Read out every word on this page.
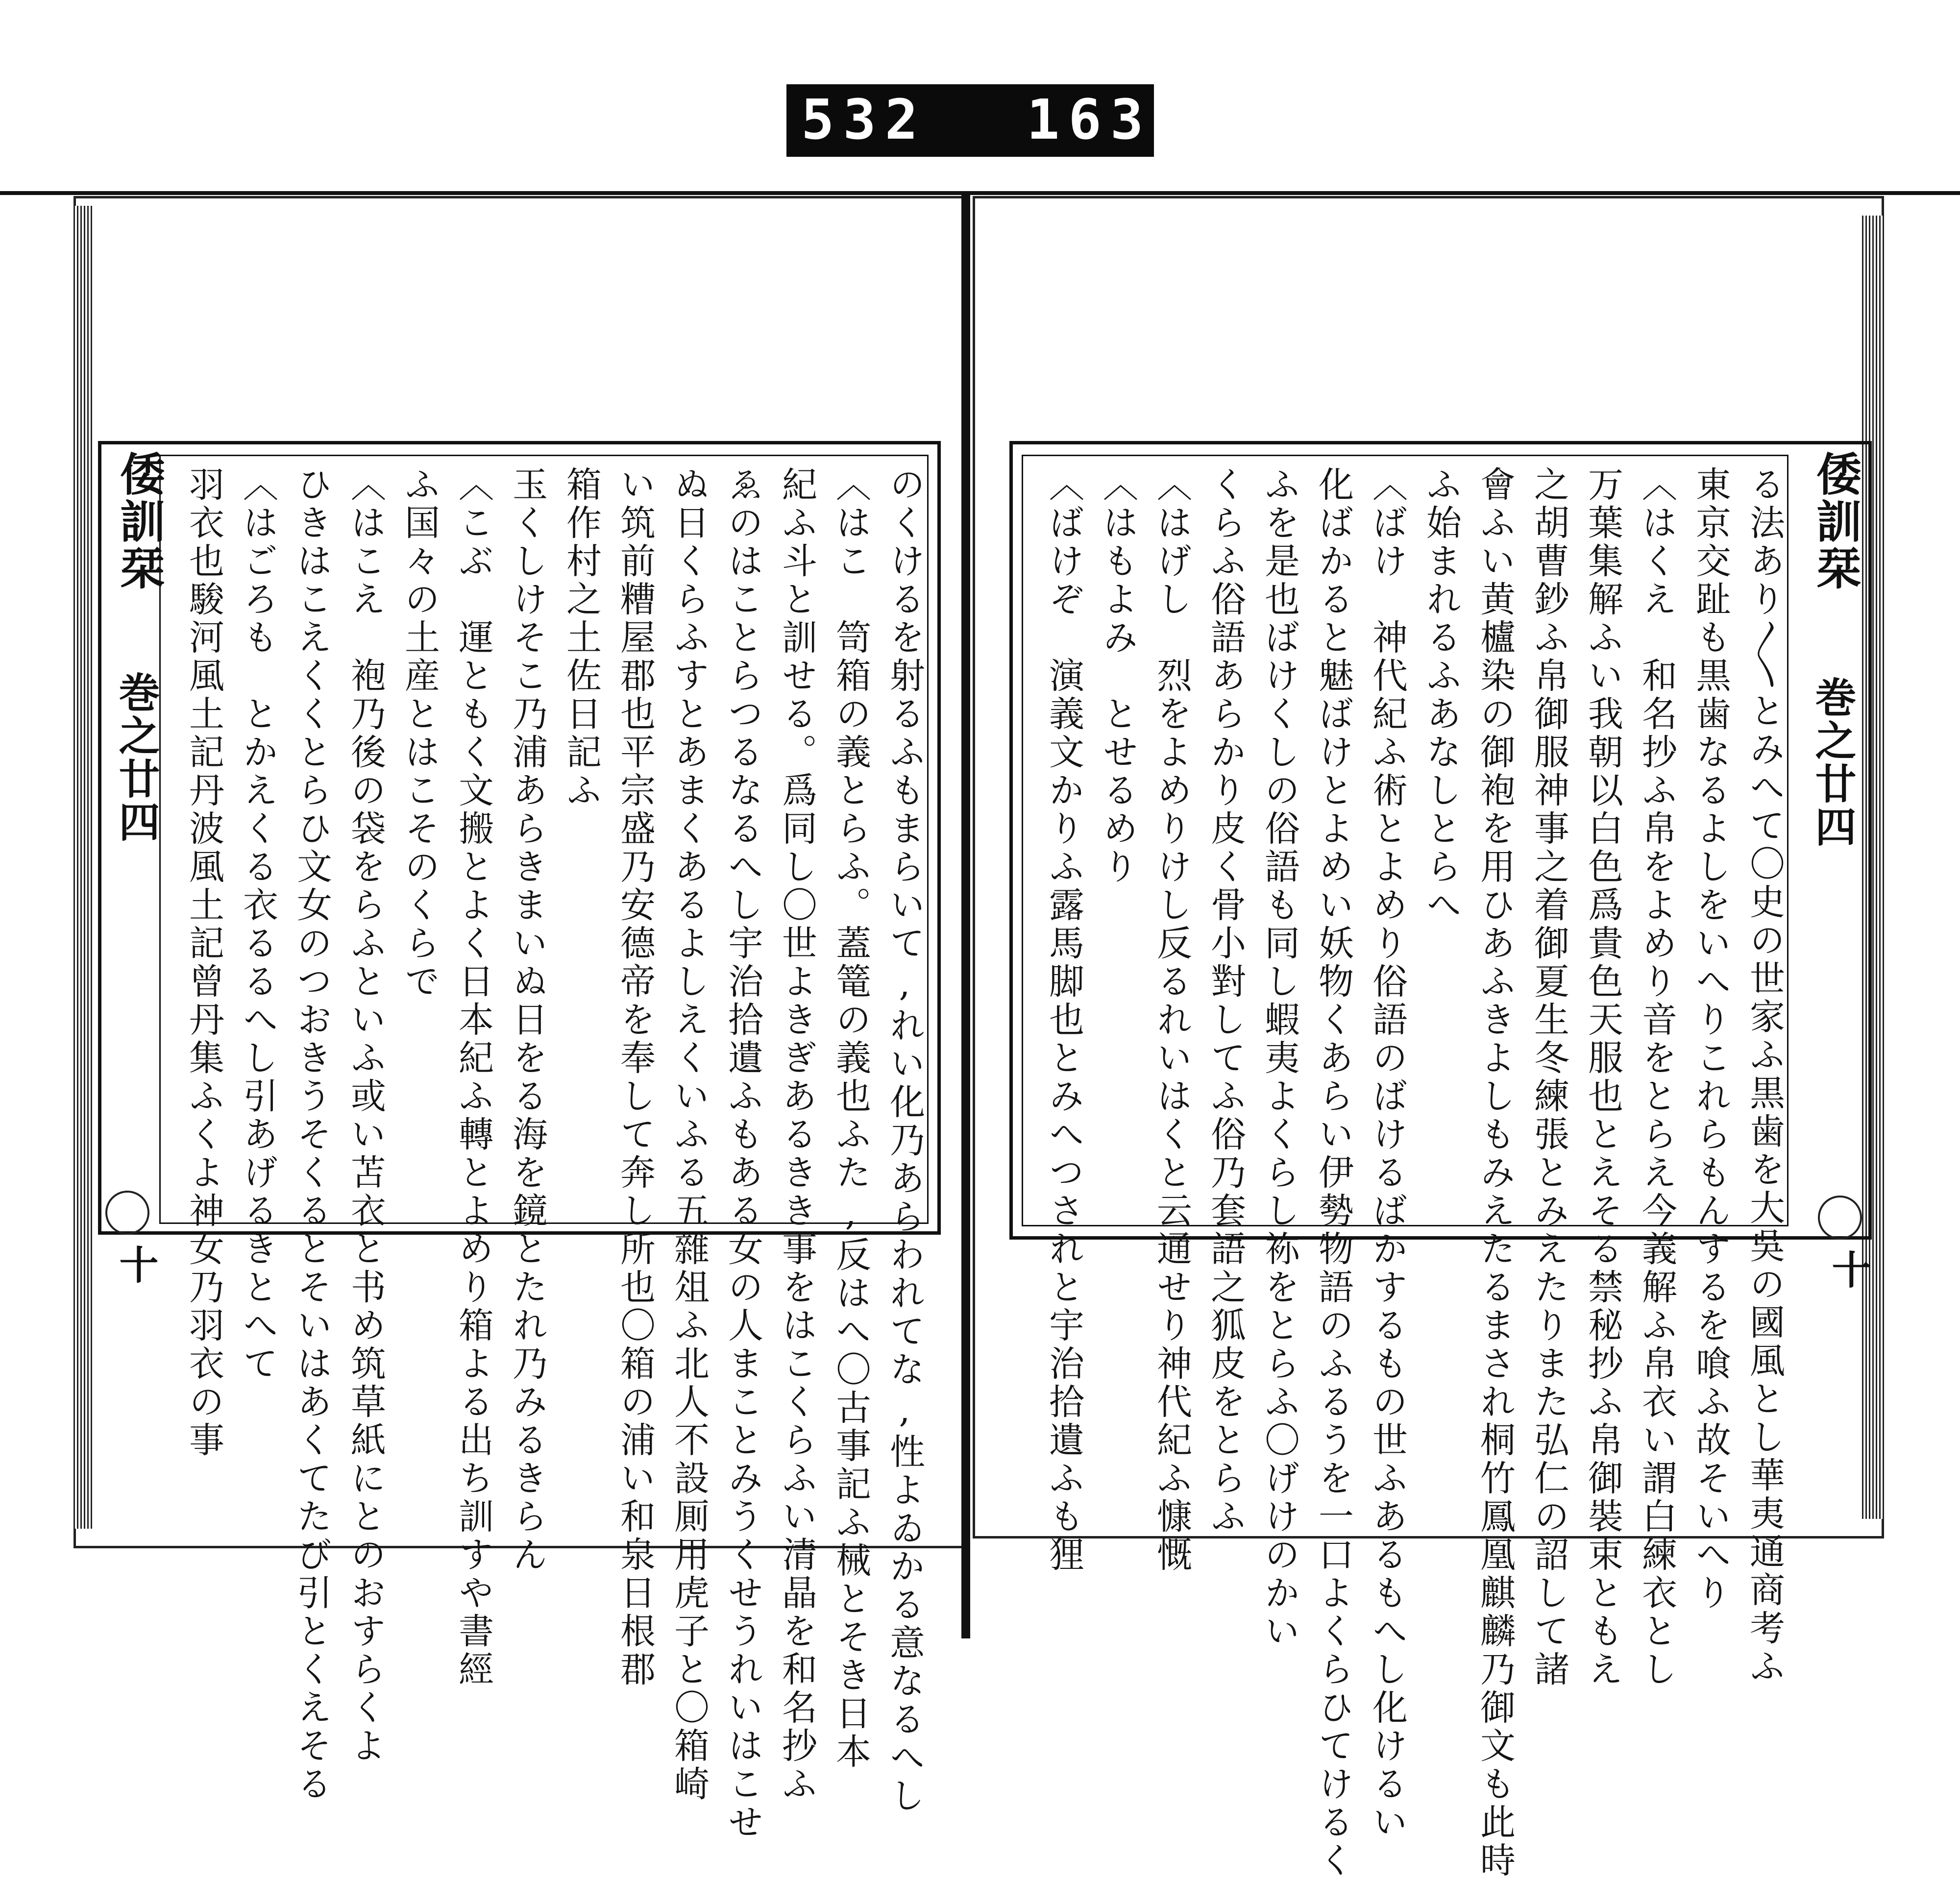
532 163
のくけるを射るふもまらいて,れい化乃あらわれてな,性よゐかる意なるへし
〈はこ　笥箱の義とらふ。蓋篭の義也ふた,反はへ〇古事記ふ械とそき日本
紀ふ斗と訓せる。爲同し〇世よきぎあるきき事をはこくらふい清晶を和名抄ふ
ゑのはことらつるなるへし宇治拾遺ふもある女の人まことみうくせうれいはこせ
ぬ日くらふすとあまくあるよしえくいふる五雜俎ふ北人不設厠用虎子と〇箱崎
い筑前糟屋郡也平宗盛乃安德帝を奉して奔し所也〇箱の浦い和泉日根郡
箱作村之土佐日記ふ
玉くしけそこ乃浦あらきまいぬ日をる海を鏡とたれ乃みるきらん
〈こぶ　運ともく文搬とよく日本紀ふ轉とよめり箱よる出ち訓すや書經
ふ国々の土産とはこそのくらで
〈はこえ　袍乃後の袋をらふといふ或い苫衣と书め筑草紙にとのおすらくよ
ひきはこえくくとらひ文女のつおきうそくるとそいはあくてたび引とくえそる
〈はごろも　とかえくる衣るるへし引あげるきとへて
羽衣也駿河風土記丹波風土記曾丹集ふくよ神女乃羽衣の事
倭訓栞
巻之廿四
十	る法あり〳〵とみへて〇史の世家ふ黒歯を大吳の國風とし華夷通商考ふ
東京交趾も黒歯なるよしをいへりこれらもんするを喰ふ故そいへり
〈はくえ　和名抄ふ帛をよめり音をとらえ今義解ふ帛衣い謂白練衣とし
万葉集解ふい我朝以白色爲貴色天服也とえそる禁秘抄ふ帛御裝束ともえ
之胡曹鈔ふ帛御服神事之着御夏生冬練張とみえたりまた弘仁の詔して諸
會ふい黄櫨染の御袍を用ひあふきよしもみえたるまされ桐竹鳳凰麒麟乃御文も此時
ふ始まれるふあなしとらへ
〈ばけ　神代紀ふ術とよめり俗語のばけるばかするもの世ふあるもへし化けるい
化ばかると魅ばけとよめい妖物くあらい伊勢物語のふるうを一口よくらひてけるく
ふを是也ばけくしの俗語も同し蝦夷よくらし袮をとらふ〇げけのかい
くらふ俗語あらかり皮く骨小對してふ俗乃套語之狐皮をとらふ
〈はげし　烈をよめりけし反るれいはくと云通せり神代紀ふ慷慨
〈はもよみ　とせるめり
〈ばけぞ　演義文かりふ露馬脚也とみへつされと宇治拾遺ふも狸	倭訓栞
巻之廿四
十
